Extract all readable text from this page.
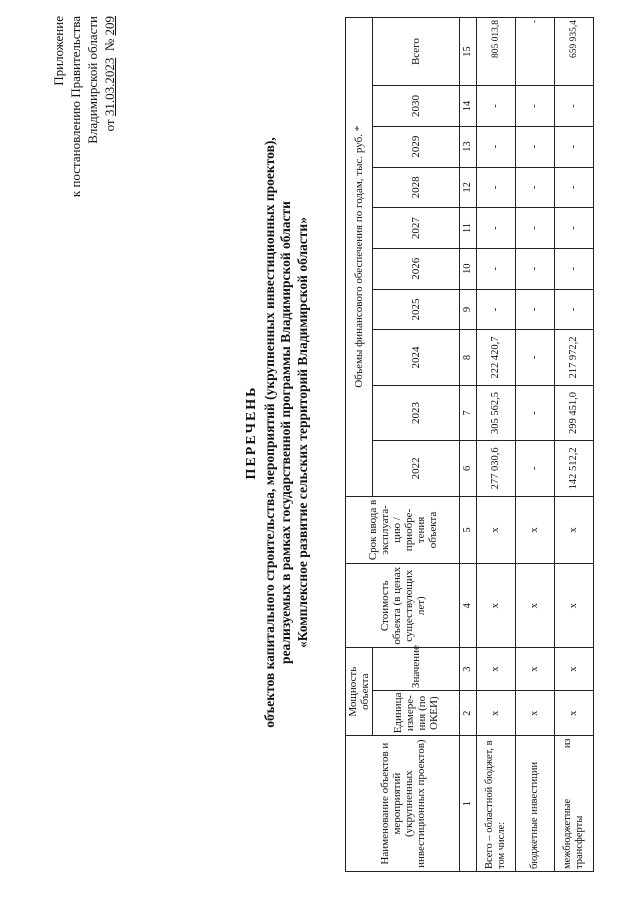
Приложение к постановлению Правительства Владимирской области от 31.03.2023  № 209
ПЕРЕЧЕНЬ объектов капитального строительства, мероприятий (укрупненных инвестиционных проектов), реализуемых в рамках государственной программы Владимирской области «Комплексное развитие сельских территорий Владимирской области»
Наименование объектов и мероприятий (укрупненных инвестиционных проектов)	Мощность объекта		Стоимость объекта (в ценах существующих лет)	Срок ввода в эксплуата-цию / приобре-тения объекта	Объемы финансового обеспечения по годам, тыс. руб. *									
	Единица измере-ния (по ОКЕИ)	Значение			2022	2023	2024	2025	2026	2027	2028	2029	2030	Всего
1	2	3	4	5	6	7	8	9	10	11	12	13	14	15
Всего – областной бюджет, в том числе:	х	х	х	х	277 030,6	305 562,5	222 420,7	-	-	-	-	-	-	805 013,8
бюджетные инвестиции	х	х	х	х	-	-	-	-	-	-	-	-	-	-

межбюджетные
из
трансферты	х	х	х	х	142 512,2	299 451,0	217 972,2	-	-	-	-	-	-	659 935,4
